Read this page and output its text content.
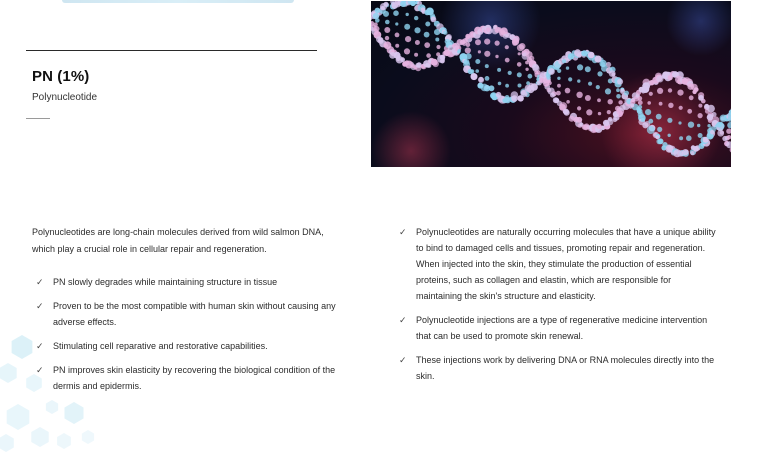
PN (1%)
Polynucleotide

Polynucleotides are long-chain molecules derived from wild salmon DNA, which play a crucial role in cellular repair and regeneration.

✓ PN slowly degrades while maintaining structure in tissue
✓ Proven to be the most compatible with human skin without causing any adverse effects.
✓ Stimulating cell reparative and restorative capabilities.
✓ PN improves skin elasticity by recovering the biological condition of the dermis and epidermis.
✓ Polynucleotides are naturally occurring molecules that have a unique ability to bind to damaged cells and tissues, promoting repair and regeneration. When injected into the skin, they stimulate the production of essential proteins, such as collagen and elastin, which are responsible for maintaining the skin's structure and elasticity.
✓ Polynucleotide injections are a type of regenerative medicine intervention that can be used to promote skin renewal.
✓ These injections work by delivering DNA or RNA molecules directly into the skin.
